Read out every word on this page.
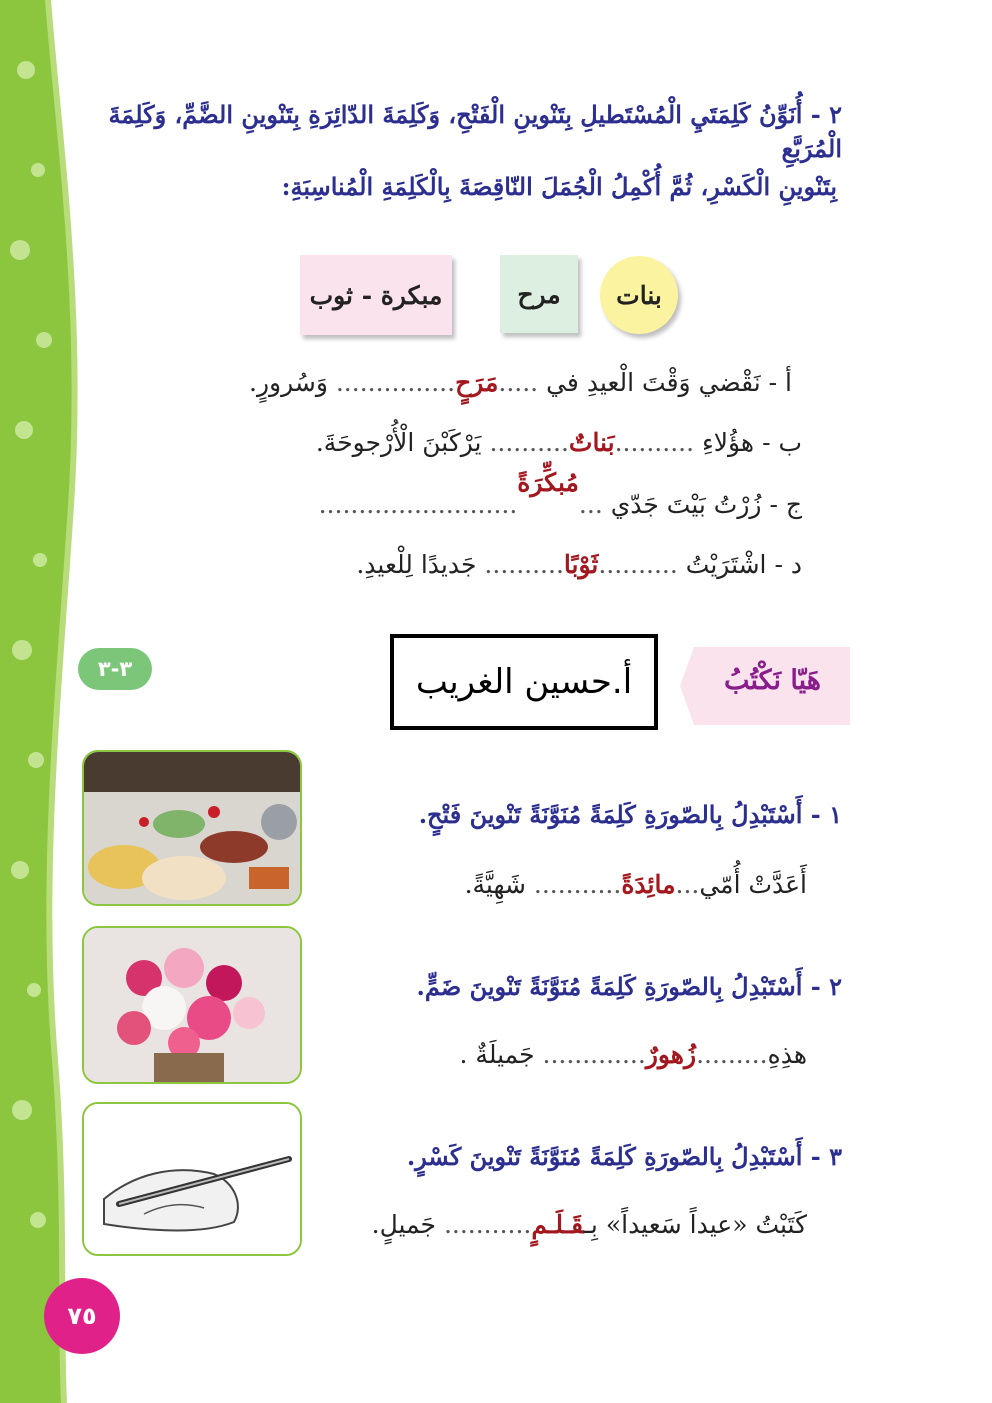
٢ - أُنَوِّنُ كَلِمَتَيِ الْمُسْتَطيلِ بِتَنْوينِ الْفَتْحِ، وَكَلِمَةَ الدّائِرَةِ بِتَنْوينِ الضَّمِّ، وَكَلِمَةَ الْمُرَبَّعِ
بِتَنْوينِ الْكَسْرِ، ثُمَّ أُكْمِلُ الْجُمَلَ النّاقِصَةَ بِالْكَلِمَةِ الْمُناسِبَةِ:
بنات
مرح
مبكرة - ثوب
أ - نَقْضي وَقْتَ الْعيدِ في .....مَرَحٍ............... وَسُرورٍ.
ب - هؤُلاءِ ..........بَناتٌ.......... يَرْكَبْنَ الْأُرْجوحَةَ.
ج - زُرْتُ بَيْتَ جَدّي ...مُبكِّرَةً.........................
د - اشْتَرَيْتُ ..........ثَوْبًا.......... جَديدًا لِلْعيدِ.
هَيّا نَكْتُبُ
أ.حسين الغريب
٣-٣
١ - أَسْتَبْدِلُ بِالصّورَةِ كَلِمَةً مُنَوَّنَةً تَنْوينَ فَتْحٍ.
أَعَدَّتْ أُمّي...مائِدَةً........... شَهِيَّةً.
٢ - أَسْتَبْدِلُ بِالصّورَةِ كَلِمَةً مُنَوَّنَةً تَنْوينَ ضَمٍّ.
هذِهِ.........زُهورٌ............. جَميلَةٌ .
٣ - أَسْتَبْدِلُ بِالصّورَةِ كَلِمَةً مُنَوَّنَةً تَنْوينَ كَسْرٍ.
كَتَبْتُ «عيداً سَعيداً» بِـقَـلَـمٍ........... جَميلٍ.
٧٥
